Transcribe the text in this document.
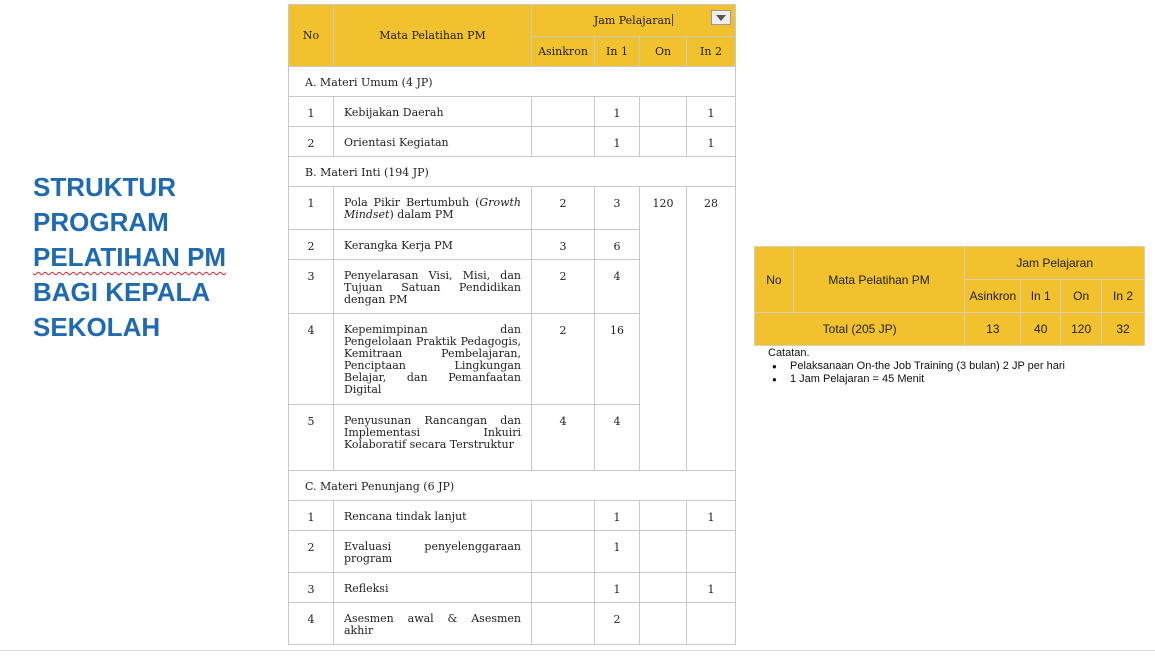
STRUKTUR
PROGRAM
PELATIHAN PM
BAGI KEPALA
SEKOLAH
No	Mata Pelatihan PM	Jam Pelajaran			

		Asinkron	In 1	On	In 2
A. Materi Umum (4 JP)					
1	Kebijakan Daerah		1		1
2	Orientasi Kegiatan		1		1
B. Materi Inti (194 JP)					
1	Pola Pikir Bertumbuh (Growth Mindset) dalam PM	2	3	120	28
2	Kerangka Kerja PM	3	6		
3	Penyelarasan Visi, Misi, dan Tujuan Satuan Pendidikan dengan PM	2	4		
4	Kepemimpinan dan Pengelolaan Praktik Pedagogis, Kemitraan Pembelajaran, Penciptaan Lingkungan Belajar, dan Pemanfaatan Digital	2	16		
5	Penyusunan Rancangan dan Implementasi Inkuiri Kolaboratif secara Terstruktur	4	4		
C. Materi Penunjang (6 JP)					
1	Rencana tindak lanjut		1		1
2	Evaluasi penyelenggaraan program		1		
3	Refleksi		1		1
4	Asesmen awal & Asesmen akhir		2		
No	Mata Pelatihan PM	Jam Pelajaran			
		Asinkron	In 1	On	In 2
Total (205 JP)		13	40	120	32
Catatan.
● Pelaksanaan On-the Job Training (3 bulan) 2 JP per hari
● 1 Jam Pelajaran = 45 Menit
